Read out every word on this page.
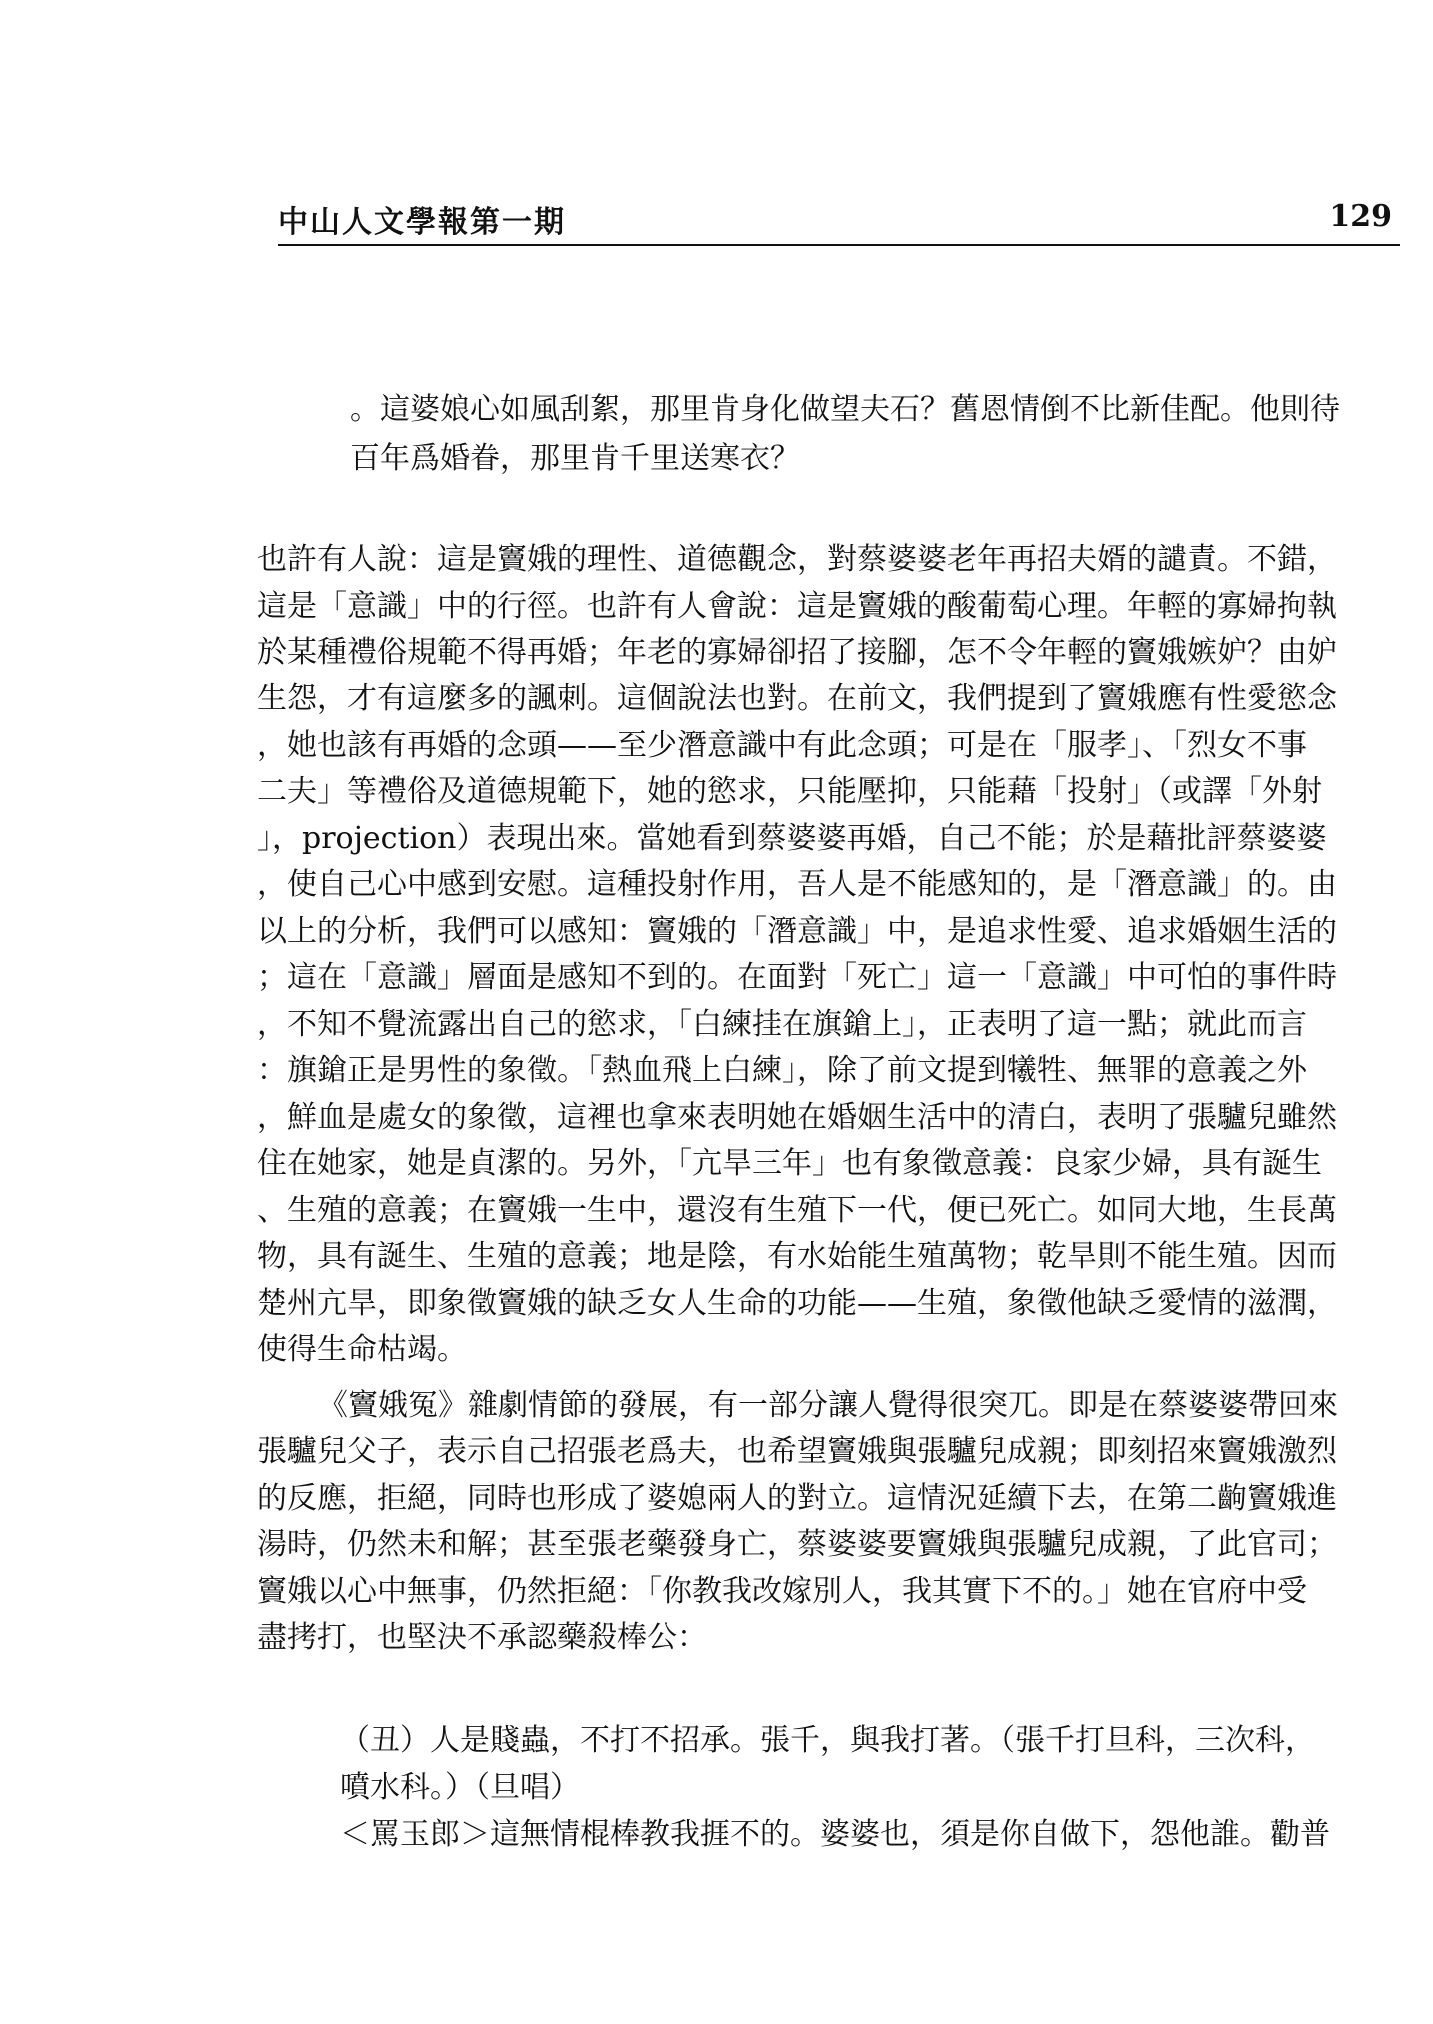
中山人文學報第一期	129
。這婆娘心如風刮絮，那里肯身化做望夫石？舊恩情倒不比新佳配。他則待
百年爲婚眷，那里肯千里送寒衣？
也許有人說：這是竇娥的理性、道德觀念，對蔡婆婆老年再招夫婿的譴責。不錯，
這是「意識」中的行徑。也許有人會說：這是竇娥的酸葡萄心理。年輕的寡婦拘執
於某種禮俗規範不得再婚；年老的寡婦卻招了接腳，怎不令年輕的竇娥嫉妒？由妒
生怨，才有這麼多的諷刺。這個說法也對。在前文，我們提到了竇娥應有性愛慾念
，她也該有再婚的念頭——至少潛意識中有此念頭；可是在「服孝」、「烈女不事
二夫」等禮俗及道德規範下，她的慾求，只能壓抑，只能藉「投射」（或譯「外射
」，projection）表現出來。當她看到蔡婆婆再婚，自己不能；於是藉批評蔡婆婆
，使自己心中感到安慰。這種投射作用，吾人是不能感知的，是「潛意識」的。由
以上的分析，我們可以感知：竇娥的「潛意識」中，是追求性愛、追求婚姻生活的
；這在「意識」層面是感知不到的。在面對「死亡」這一「意識」中可怕的事件時
，不知不覺流露出自己的慾求，「白練挂在旗鎗上」，正表明了這一點；就此而言
：旗鎗正是男性的象徵。「熱血飛上白練」，除了前文提到犧牲、無罪的意義之外
，鮮血是處女的象徵，這裡也拿來表明她在婚姻生活中的清白，表明了張驢兒雖然
住在她家，她是貞潔的。另外，「亢旱三年」也有象徵意義：良家少婦，具有誕生
、生殖的意義；在竇娥一生中，還沒有生殖下一代，便已死亡。如同大地，生長萬
物，具有誕生、生殖的意義；地是陰，有水始能生殖萬物；乾旱則不能生殖。因而
楚州亢旱，即象徵竇娥的缺乏女人生命的功能——生殖，象徵他缺乏愛情的滋潤，
使得生命枯竭。
《竇娥冤》雜劇情節的發展，有一部分讓人覺得很突兀。即是在蔡婆婆帶回來
張驢兒父子，表示自己招張老爲夫，也希望竇娥與張驢兒成親；即刻招來竇娥激烈
的反應，拒絕，同時也形成了婆媳兩人的對立。這情況延續下去，在第二齣竇娥進
湯時，仍然未和解；甚至張老藥發身亡，蔡婆婆要竇娥與張驢兒成親，了此官司；
竇娥以心中無事，仍然拒絕：「你教我改嫁別人，我其實下不的。」她在官府中受
盡拷打，也堅決不承認藥殺棒公：
（丑）人是賤蟲，不打不招承。張千，與我打著。（張千打旦科，三次科，
噴水科。）（旦唱）
＜罵玉郎＞這無情棍棒教我捱不的。婆婆也，須是你自做下，怨他誰。勸普
